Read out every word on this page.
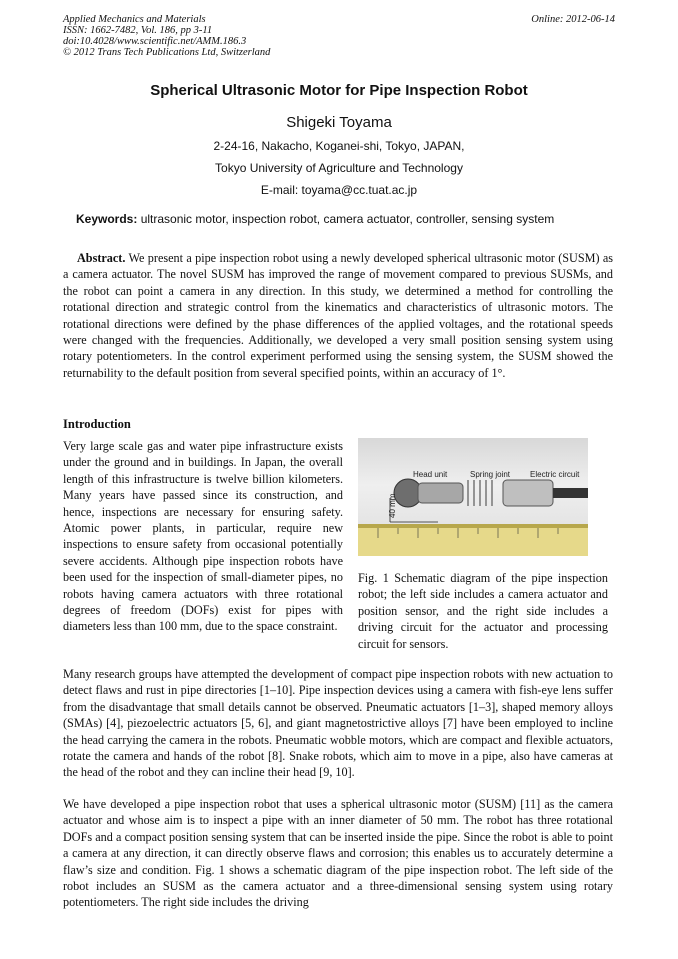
Applied Mechanics and Materials
ISSN: 1662-7482, Vol. 186, pp 3-11
doi:10.4028/www.scientific.net/AMM.186.3
© 2012 Trans Tech Publications Ltd, Switzerland
Online: 2012-06-14
Spherical Ultrasonic Motor for Pipe Inspection Robot
Shigeki Toyama
2-24-16, Nakacho, Koganei-shi, Tokyo, JAPAN,
Tokyo University of Agriculture and Technology
E-mail: toyama@cc.tuat.ac.jp
Keywords: ultrasonic motor, inspection robot, camera actuator, controller, sensing system
Abstract. We present a pipe inspection robot using a newly developed spherical ultrasonic motor (SUSM) as a camera actuator. The novel SUSM has improved the range of movement compared to previous SUSMs, and the robot can point a camera in any direction. In this study, we determined a method for controlling the rotational direction and strategic control from the kinematics and characteristics of ultrasonic motors. The rotational directions were defined by the phase differences of the applied voltages, and the rotational speeds were changed with the frequencies. Additionally, we developed a very small position sensing system using rotary potentiometers. In the control experiment performed using the sensing system, the SUSM showed the returnability to the default position from several specified points, within an accuracy of 1°.
Introduction
Very large scale gas and water pipe infrastructure exists under the ground and in buildings. In Japan, the overall length of this infrastructure is twelve billion kilometers. Many years have passed since its construction, and hence, inspections are necessary for ensuring safety. Atomic power plants, in particular, require new inspections to ensure safety from occasional potentially severe accidents. Although pipe inspection robots have been used for the inspection of small-diameter pipes, no robots having camera actuators with three rotational degrees of freedom (DOFs) exist for pipes with diameters less than 100 mm, due to the space constraint.
Head unit	Spring joint Electric circuit
40 mm
Fig. 1 Schematic diagram of the pipe inspection robot; the left side includes a camera actuator and position sensor, and the right side includes a driving circuit for the actuator and processing circuit for sensors.
Many research groups have attempted the development of compact pipe inspection robots with new actuation to detect flaws and rust in pipe directories [1–10]. Pipe inspection devices using a camera with fish-eye lens suffer from the disadvantage that small details cannot be observed. Pneumatic actuators [1–3], shaped memory alloys (SMAs) [4], piezoelectric actuators [5, 6], and giant magnetostrictive alloys [7] have been employed to incline the head carrying the camera in the robots. Pneumatic wobble motors, which are compact and flexible actuators, rotate the camera and hands of the robot [8]. Snake robots, which aim to move in a pipe, also have cameras at the head of the robot and they can incline their head [9, 10].
We have developed a pipe inspection robot that uses a spherical ultrasonic motor (SUSM) [11] as the camera actuator and whose aim is to inspect a pipe with an inner diameter of 50 mm. The robot has three rotational DOFs and a compact position sensing system that can be inserted inside the pipe. Since the robot is able to point a camera at any direction, it can directly observe flaws and corrosion; this enables us to accurately determine a flaw’s size and condition. Fig. 1 shows a schematic diagram of the pipe inspection robot. The left side of the robot includes an SUSM as the camera actuator and a three-dimensional sensing system using rotary potentiometers. The right side includes the driving
